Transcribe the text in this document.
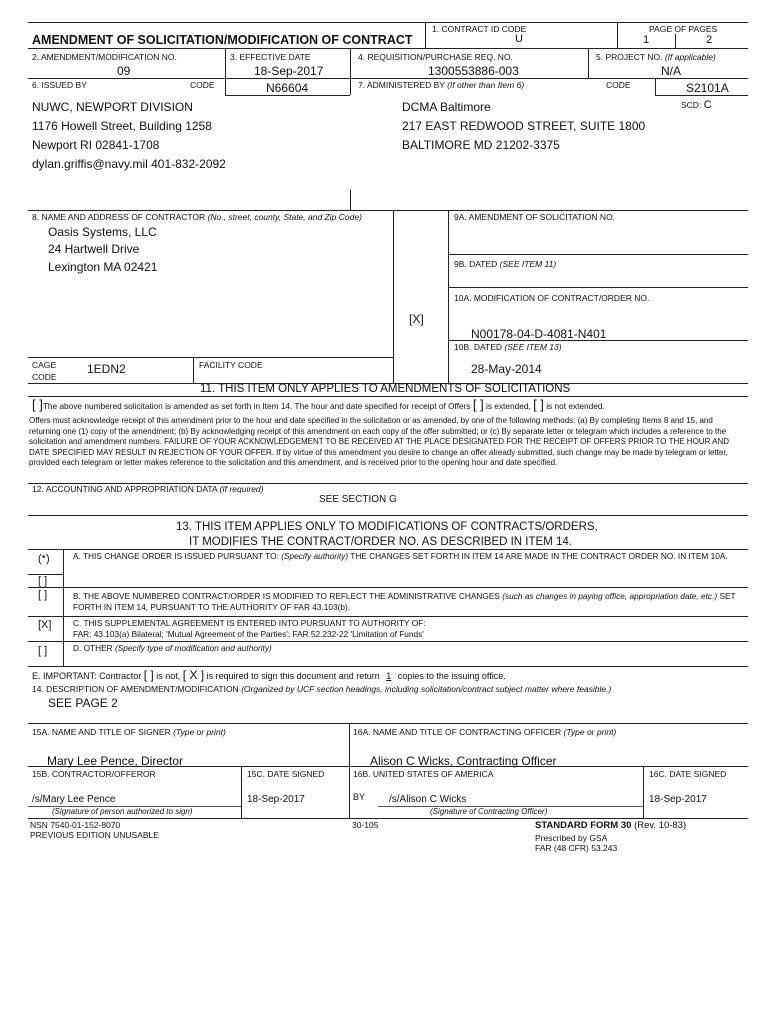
AMENDMENT OF SOLICITATION/MODIFICATION OF CONTRACT
1. CONTRACT ID CODE
U
PAGE OF PAGES
1	2
2. AMENDMENT/MODIFICATION NO.
09
3. EFFECTIVE DATE
18-Sep-2017
4. REQUISITION/PURCHASE REQ. NO.
1300553886-003
5. PROJECT NO. (If applicable)
N/A
6. ISSUED BY	CODE	N66604	7. ADMINISTERED BY (If other than Item 6)	CODE	S2101A
SCD: C
NUWC, NEWPORT DIVISION
1176 Howell Street, Building 1258
Newport RI 02841-1708
dylan.griffis@navy.mil 401-832-2092
DCMA Baltimore
217 EAST REDWOOD STREET, SUITE 1800
BALTIMORE MD 21202-3375
8. NAME AND ADDRESS OF CONTRACTOR (No., street, county, State, and Zip Code)
Oasis Systems, LLC
24 Hartwell Drive
Lexington MA 02421
CAGE
CODE
1EDN2	FACILITY CODE
9A. AMENDMENT OF SOLICITATION NO.
9B. DATED (SEE ITEM 11)
10A. MODIFICATION OF CONTRACT/ORDER NO.
[X]
N00178-04-D-4081-N401
10B. DATED (SEE ITEM 13)
28-May-2014
11. THIS ITEM ONLY APPLIES TO AMENDMENTS OF SOLICITATIONS
[ ]The above numbered solicitation is amended as set forth in Item 14. The hour and date specified for receipt of Offers [ ] is extended, [ ] is not extended.
Offers must acknowledge receipt of this amendment prior to the hour and date specified in the solicitation or as amended, by one of the following methods: (a) By completing Items 8 and 15, and returning one (1) copy of the amendment; (b) By acknowledging receipt of this amendment on each copy of the offer submitted; or (c) By separate letter or telegram which includes a reference to the solicitation and amendment numbers. FAILURE OF YOUR ACKNOWLEDGEMENT TO BE RECEIVED AT THE PLACE DESIGNATED FOR THE RECEIPT OF OFFERS PRIOR TO THE HOUR AND DATE SPECIFIED MAY RESULT IN REJECTION OF YOUR OFFER. If by virtue of this amendment you desire to change an offer already submitted, such change may be made by telegram or letter, provided each telegram or letter makes reference to the solicitation and this amendment, and is received prior to the opening hour and date specified.
12. ACCOUNTING AND APPROPRIATION DATA (If required)
SEE SECTION G
13. THIS ITEM APPLIES ONLY TO MODIFICATIONS OF CONTRACTS/ORDERS,
IT MODIFIES THE CONTRACT/ORDER NO. AS DESCRIBED IN ITEM 14.
(*)	A. THIS CHANGE ORDER IS ISSUED PURSUANT TO: (Specify authority) THE CHANGES SET FORTH IN ITEM 14 ARE MADE IN THE CONTRACT ORDER NO. IN ITEM 10A.
[ ]
[ ]	B. THE ABOVE NUMBERED CONTRACT/ORDER IS MODIFIED TO REFLECT THE ADMINISTRATIVE CHANGES (such as changes in paying office, appropriation date, etc.) SET FORTH IN ITEM 14, PURSUANT TO THE AUTHORITY OF FAR 43.103(b).
[X]	C. THIS SUPPLEMENTAL AGREEMENT IS ENTERED INTO PURSUANT TO AUTHORITY OF:
FAR: 43.103(a) Bilateral; 'Mutual Agreement of the Parties'; FAR 52.232-22 'Limitation of Funds'
[ ]	D. OTHER (Specify type of modification and authority)
E. IMPORTANT: Contractor [ ] is not, [ X ] is required to sign this document and return 1 copies to the issuing office.
14. DESCRIPTION OF AMENDMENT/MODIFICATION (Organized by UCF section headings, including solicitation/contract subject matter where feasible.)
SEE PAGE 2
15A. NAME AND TITLE OF SIGNER (Type or print)
Mary Lee Pence, Director
16A. NAME AND TITLE OF CONTRACTING OFFICER (Type or print)
Alison C Wicks, Contracting Officer
15B. CONTRACTOR/OFFEROR	15C. DATE SIGNED	16B. UNITED STATES OF AMERICA	16C. DATE SIGNED
/s/Mary Lee Pence	18-Sep-2017	BY /s/Alison C Wicks	18-Sep-2017
(Signature of person authorized to sign)	(Signature of Contracting Officer)
NSN 7540-01-152-8070
PREVIOUS EDITION UNUSABLE
30-105	STANDARD FORM 30 (Rev. 10-83)
Prescribed by GSA
FAR (48 CFR) 53.243
